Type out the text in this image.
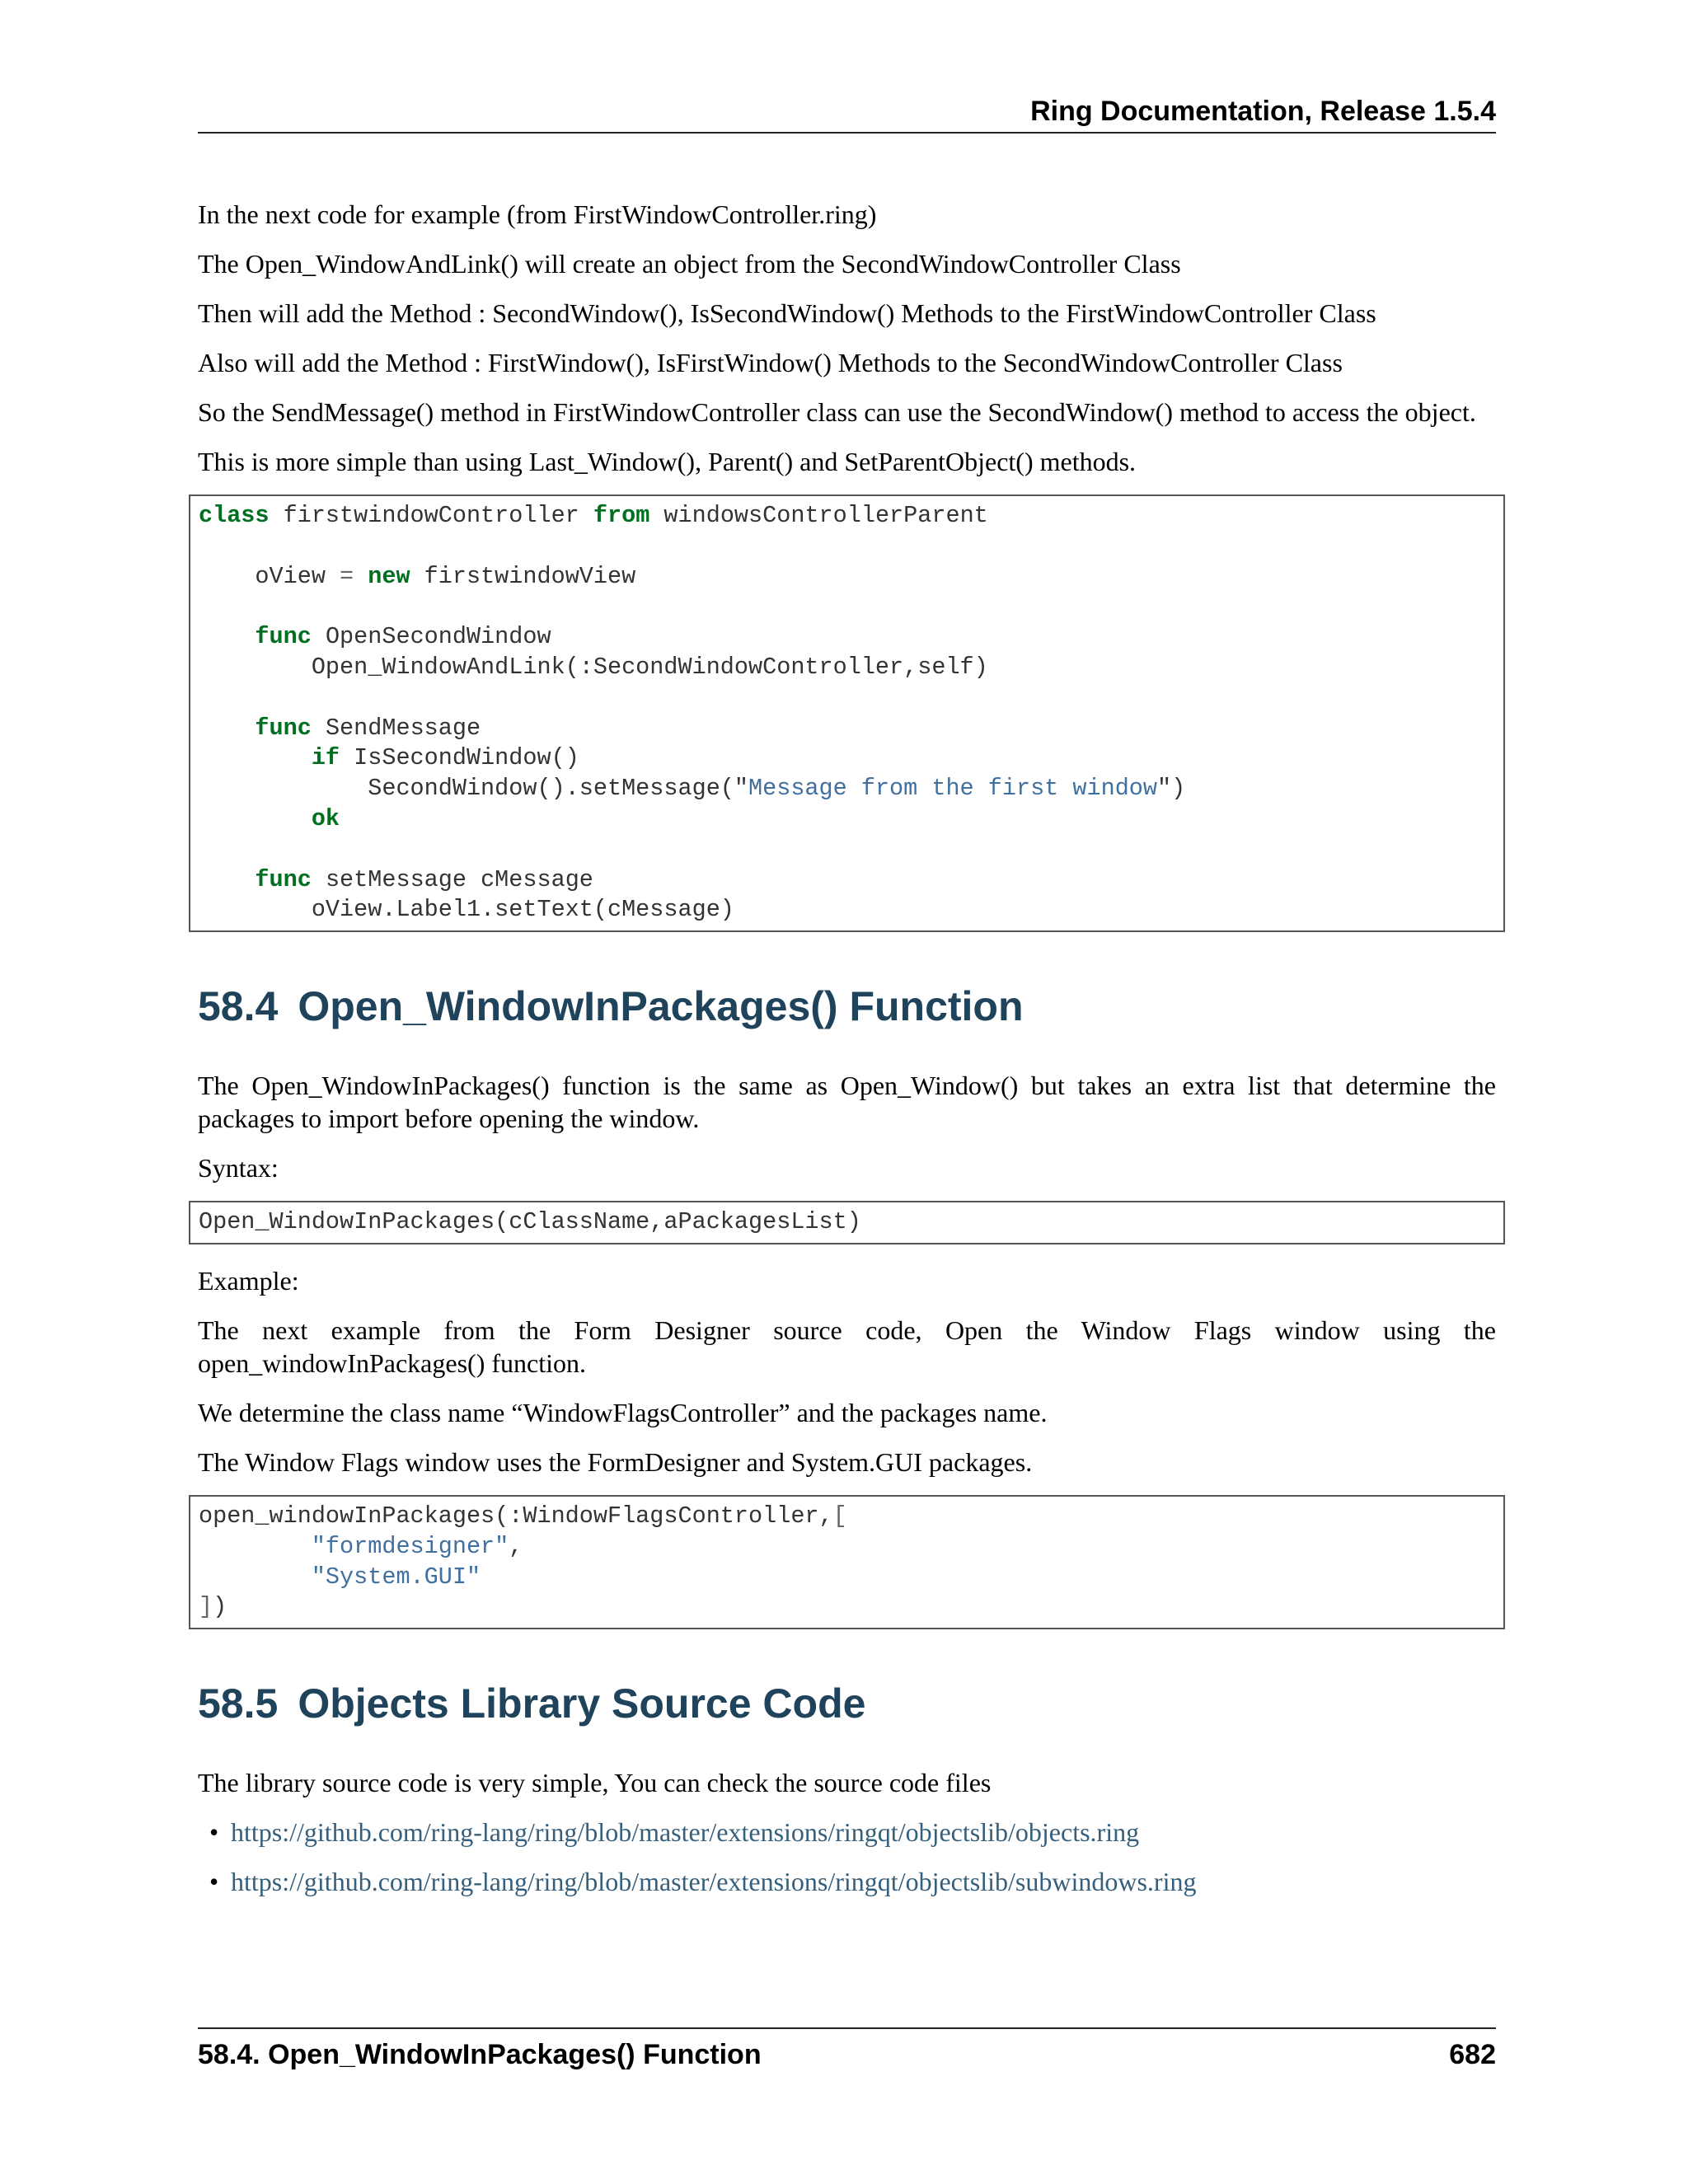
Ring Documentation, Release 1.5.4

In the next code for example (from FirstWindowController.ring)

The Open_WindowAndLink() will create an object from the SecondWindowController Class

Then will add the Method : SecondWindow(), IsSecondWindow() Methods to the FirstWindowController Class

Also will add the Method : FirstWindow(), IsFirstWindow() Methods to the SecondWindowController Class

So the SendMessage() method in FirstWindowController class can use the SecondWindow() method to access the object.

This is more simple than using Last_Window(), Parent() and SetParentObject() methods.

class firstwindowController from windowsControllerParent

oView = new firstwindowView

func OpenSecondWindow
Open_WindowAndLink(:SecondWindowController,self)

func SendMessage
if IsSecondWindow()
SecondWindow().setMessage("Message from the first window")
ok

func setMessage cMessage
oView.Label1.setText(cMessage)
58.4 Open_WindowInPackages() Function

The Open_WindowInPackages() function is the same as Open_Window() but takes an extra list that determine the packages to import before opening the window.

Syntax:

Open_WindowInPackages(cClassName,aPackagesList)

Example:

The next example from the Form Designer source code, Open the Window Flags window using the open_windowInPackages() function.

We determine the class name “WindowFlagsController” and the packages name.

The Window Flags window uses the FormDesigner and System.GUI packages.

open_windowInPackages(:WindowFlagsController,[
"formdesigner",
"System.GUI"
])
58.5 Objects Library Source Code

The library source code is very simple, You can check the source code files

• https://github.com/ring-lang/ring/blob/master/extensions/ringqt/objectslib/objects.ring
• https://github.com/ring-lang/ring/blob/master/extensions/ringqt/objectslib/subwindows.ring
58.4. Open_WindowInPackages() Function	682
